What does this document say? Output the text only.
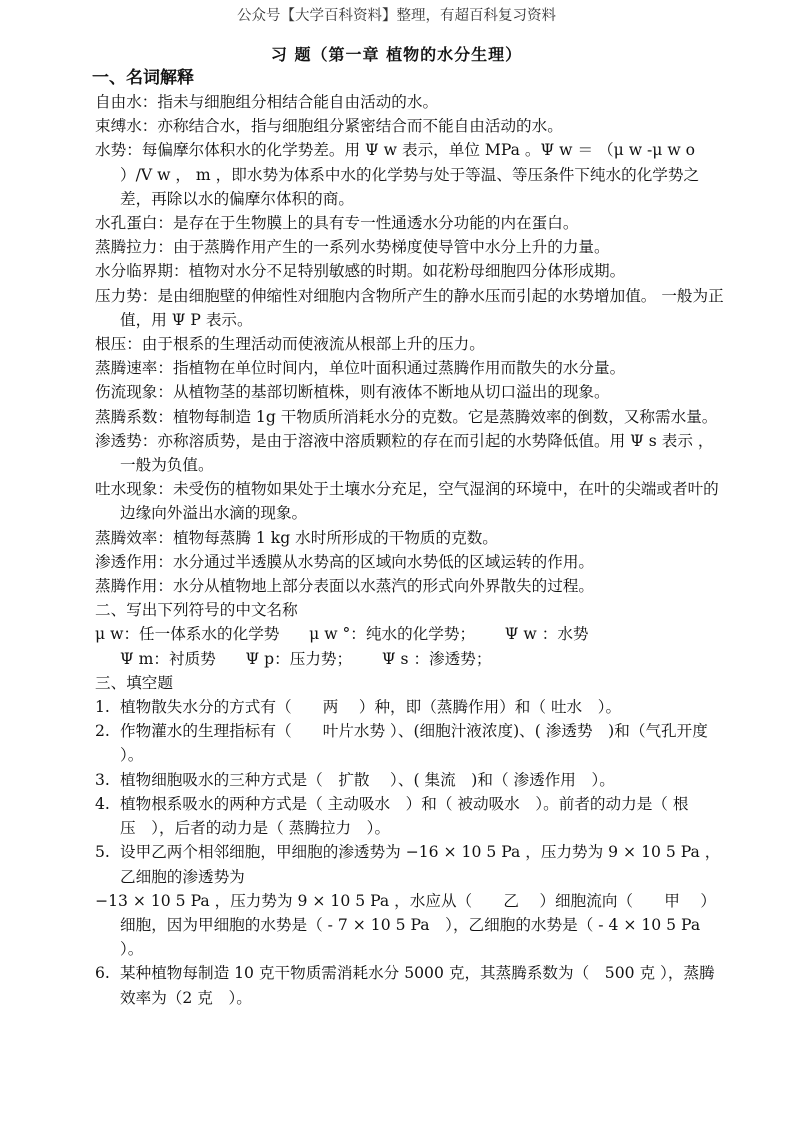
公众号【大学百科资料】整理，有超百科复习资料
习 题（第一章 植物的水分生理）
一、名词解释

自由水：指未与细胞组分相结合能自由活动的水。

束缚水：亦称结合水，指与细胞组分紧密结合而不能自由活动的水。

水势：每偏摩尔体积水的化学势差。用 Ψ w 表示，单位 MPa 。Ψ w ＝ （μ w -μ w o ）/V w ， m ，即水势为体系中水的化学势与处于等温、等压条件下纯水的化学势之差，再除以水的偏摩尔体积的商。

水孔蛋白：是存在于生物膜上的具有专一性通透水分功能的内在蛋白。

蒸腾拉力：由于蒸腾作用产生的一系列水势梯度使导管中水分上升的力量。

水分临界期：植物对水分不足特别敏感的时期。如花粉母细胞四分体形成期。

压力势：是由细胞壁的伸缩性对细胞内含物所产生的静水压而引起的水势增加值。 一般为正值，用 Ψ P 表示。

根压：由于根系的生理活动而使液流从根部上升的压力。

蒸腾速率：指植物在单位时间内，单位叶面积通过蒸腾作用而散失的水分量。

伤流现象：从植物茎的基部切断植株，则有液体不断地从切口溢出的现象。

蒸腾系数：植物每制造 1g 干物质所消耗水分的克数。它是蒸腾效率的倒数，又称需水量。

渗透势：亦称溶质势，是由于溶液中溶质颗粒的存在而引起的水势降低值。用 Ψ s 表示 ，一般为负值。

吐水现象：未受伤的植物如果处于土壤水分充足，空气湿润的环境中，在叶的尖端或者叶的边缘向外溢出水滴的现象。

蒸腾效率：植物每蒸腾 1 kg 水时所形成的干物质的克数。

渗透作用：水分通过半透膜从水势高的区域向水势低的区域运转的作用。

蒸腾作用：水分从植物地上部分表面以水蒸汽的形式向外界散失的过程。

二、写出下列符号的中文名称

μ w：任一体系水的化学势      μ w °：纯水的化学势；      Ψ w ：水势

Ψ m：衬质势      Ψ p：压力势；      Ψ s ：渗透势；

三、填空题

1. 植物散失水分的方式有（　　两　 ）种，即（蒸腾作用）和（ 吐水　）。

2. 作物灌水的生理指标有（　　叶片水势 ）、(细胞汁液浓度)、( 渗透势　)和（气孔开度 ）。

3. 植物细胞吸水的三种方式是（　扩散　 ）、( 集流　)和（ 渗透作用　）。

4. 植物根系吸水的两种方式是（ 主动吸水　）和（ 被动吸水　）。前者的动力是（ 根压　），后者的动力是（ 蒸腾拉力　）。

5. 设甲乙两个相邻细胞，甲细胞的渗透势为 −16 × 10 5 Pa ，压力势为 9 × 10 5 Pa ，乙细胞的渗透势为

−13 × 10 5 Pa ，压力势为 9 × 10 5 Pa ，水应从（　　乙　 ）细胞流向（　　甲　 ）细胞，因为甲细胞的水势是（ - 7 × 10 5 Pa　），乙细胞的水势是（ - 4 × 10 5 Pa ）。

6. 某种植物每制造 10 克干物质需消耗水分 5000 克，其蒸腾系数为（　500 克 ），蒸腾效率为（2 克　）。
